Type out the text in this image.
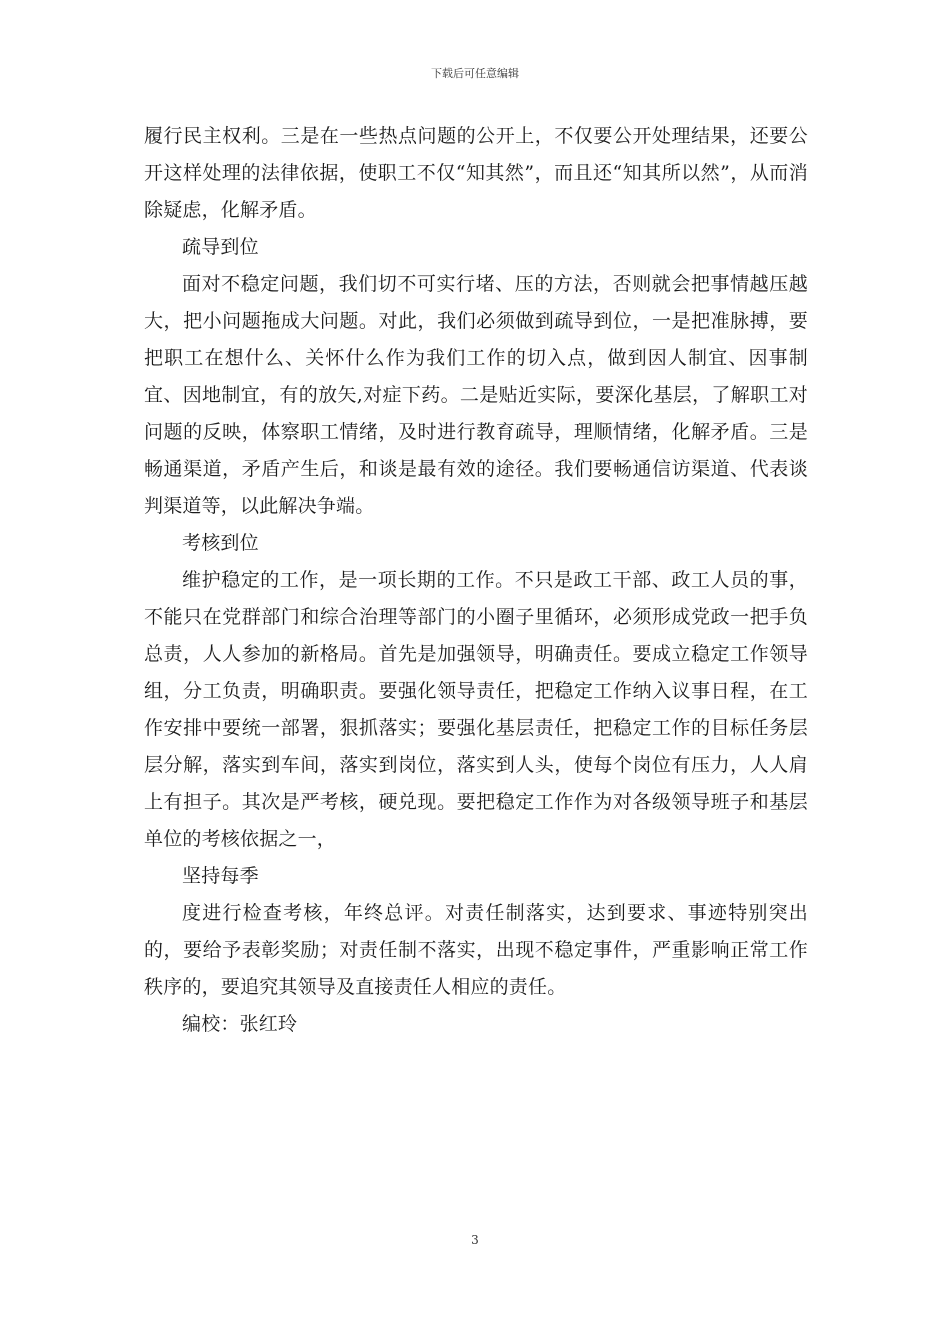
下载后可任意编辑

履行民主权利。三是在一些热点问题的公开上，不仅要公开处理结果，还要公开这样处理的法律依据，使职工不仅“知其然”，而且还“知其所以然”，从而消除疑虑，化解矛盾。

疏导到位

面对不稳定问题，我们切不可实行堵、压的方法，否则就会把事情越压越大，把小问题拖成大问题。对此，我们必须做到疏导到位，一是把准脉搏，要把职工在想什么、关怀什么作为我们工作的切入点，做到因人制宜、因事制宜、因地制宜，有的放矢,对症下药。二是贴近实际，要深化基层，了解职工对问题的反映，体察职工情绪，及时进行教育疏导，理顺情绪，化解矛盾。三是畅通渠道，矛盾产生后，和谈是最有效的途径。我们要畅通信访渠道、代表谈判渠道等，以此解决争端。

考核到位

维护稳定的工作，是一项长期的工作。不只是政工干部、政工人员的事，不能只在党群部门和综合治理等部门的小圈子里循环，必须形成党政一把手负总责，人人参加的新格局。首先是加强领导，明确责任。要成立稳定工作领导组，分工负责，明确职责。要强化领导责任，把稳定工作纳入议事日程，在工作安排中要统一部署，狠抓落实；要强化基层责任，把稳定工作的目标任务层层分解，落实到车间，落实到岗位，落实到人头，使每个岗位有压力，人人肩上有担子。其次是严考核，硬兑现。要把稳定工作作为对各级领导班子和基层单位的考核依据之一，

坚持每季

度进行检查考核，年终总评。对责任制落实，达到要求、事迹特别突出的，要给予表彰奖励；对责任制不落实，出现不稳定事件，严重影响正常工作秩序的，要追究其领导及直接责任人相应的责任。

编校：张红玲

3
